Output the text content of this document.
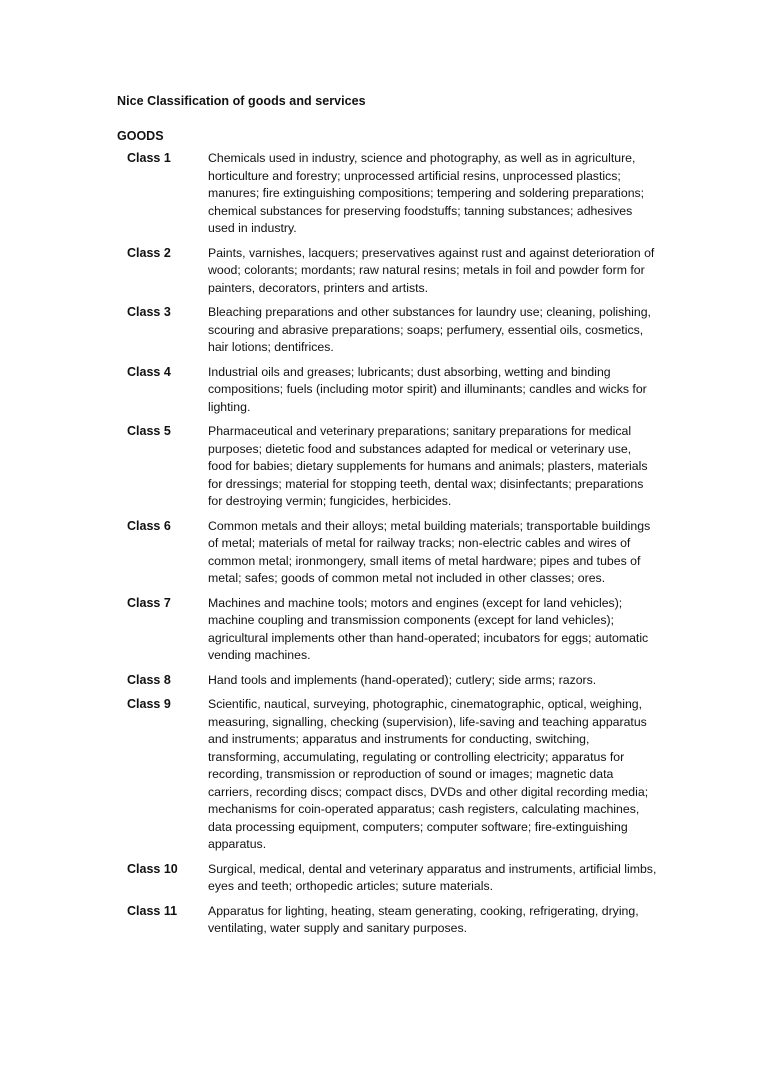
Nice Classification of goods and services
GOODS
Class 1	Chemicals used in industry, science and photography, as well as in agriculture, horticulture and forestry; unprocessed artificial resins, unprocessed plastics; manures; fire extinguishing compositions; tempering and soldering preparations; chemical substances for preserving foodstuffs; tanning substances; adhesives used in industry.
Class 2	Paints, varnishes, lacquers; preservatives against rust and against deterioration of wood; colorants; mordants; raw natural resins; metals in foil and powder form for painters, decorators, printers and artists.
Class 3	Bleaching preparations and other substances for laundry use; cleaning, polishing, scouring and abrasive preparations; soaps; perfumery, essential oils, cosmetics, hair lotions; dentifrices.
Class 4	Industrial oils and greases; lubricants; dust absorbing, wetting and binding compositions; fuels (including motor spirit) and illuminants; candles and wicks for lighting.
Class 5	Pharmaceutical and veterinary preparations; sanitary preparations for medical purposes; dietetic food and substances adapted for medical or veterinary use, food for babies; dietary supplements for humans and animals; plasters, materials for dressings; material for stopping teeth, dental wax; disinfectants; preparations for destroying vermin; fungicides, herbicides.
Class 6	Common metals and their alloys; metal building materials; transportable buildings of metal; materials of metal for railway tracks; non-electric cables and wires of common metal; ironmongery, small items of metal hardware; pipes and tubes of metal; safes; goods of common metal not included in other classes; ores.
Class 7	Machines and machine tools; motors and engines (except for land vehicles); machine coupling and transmission components (except for land vehicles); agricultural implements other than hand-operated; incubators for eggs; automatic vending machines.
Class 8	Hand tools and implements (hand-operated); cutlery; side arms; razors.
Class 9	Scientific, nautical, surveying, photographic, cinematographic, optical, weighing, measuring, signalling, checking (supervision), life-saving and teaching apparatus and instruments; apparatus and instruments for conducting, switching, transforming, accumulating, regulating or controlling electricity; apparatus for recording, transmission or reproduction of sound or images; magnetic data carriers, recording discs; compact discs, DVDs and other digital recording media; mechanisms for coin-operated apparatus; cash registers, calculating machines, data processing equipment, computers; computer software; fire-extinguishing apparatus.
Class 10	Surgical, medical, dental and veterinary apparatus and instruments, artificial limbs, eyes and teeth; orthopedic articles; suture materials.
Class 11	Apparatus for lighting, heating, steam generating, cooking, refrigerating, drying, ventilating, water supply and sanitary purposes.
